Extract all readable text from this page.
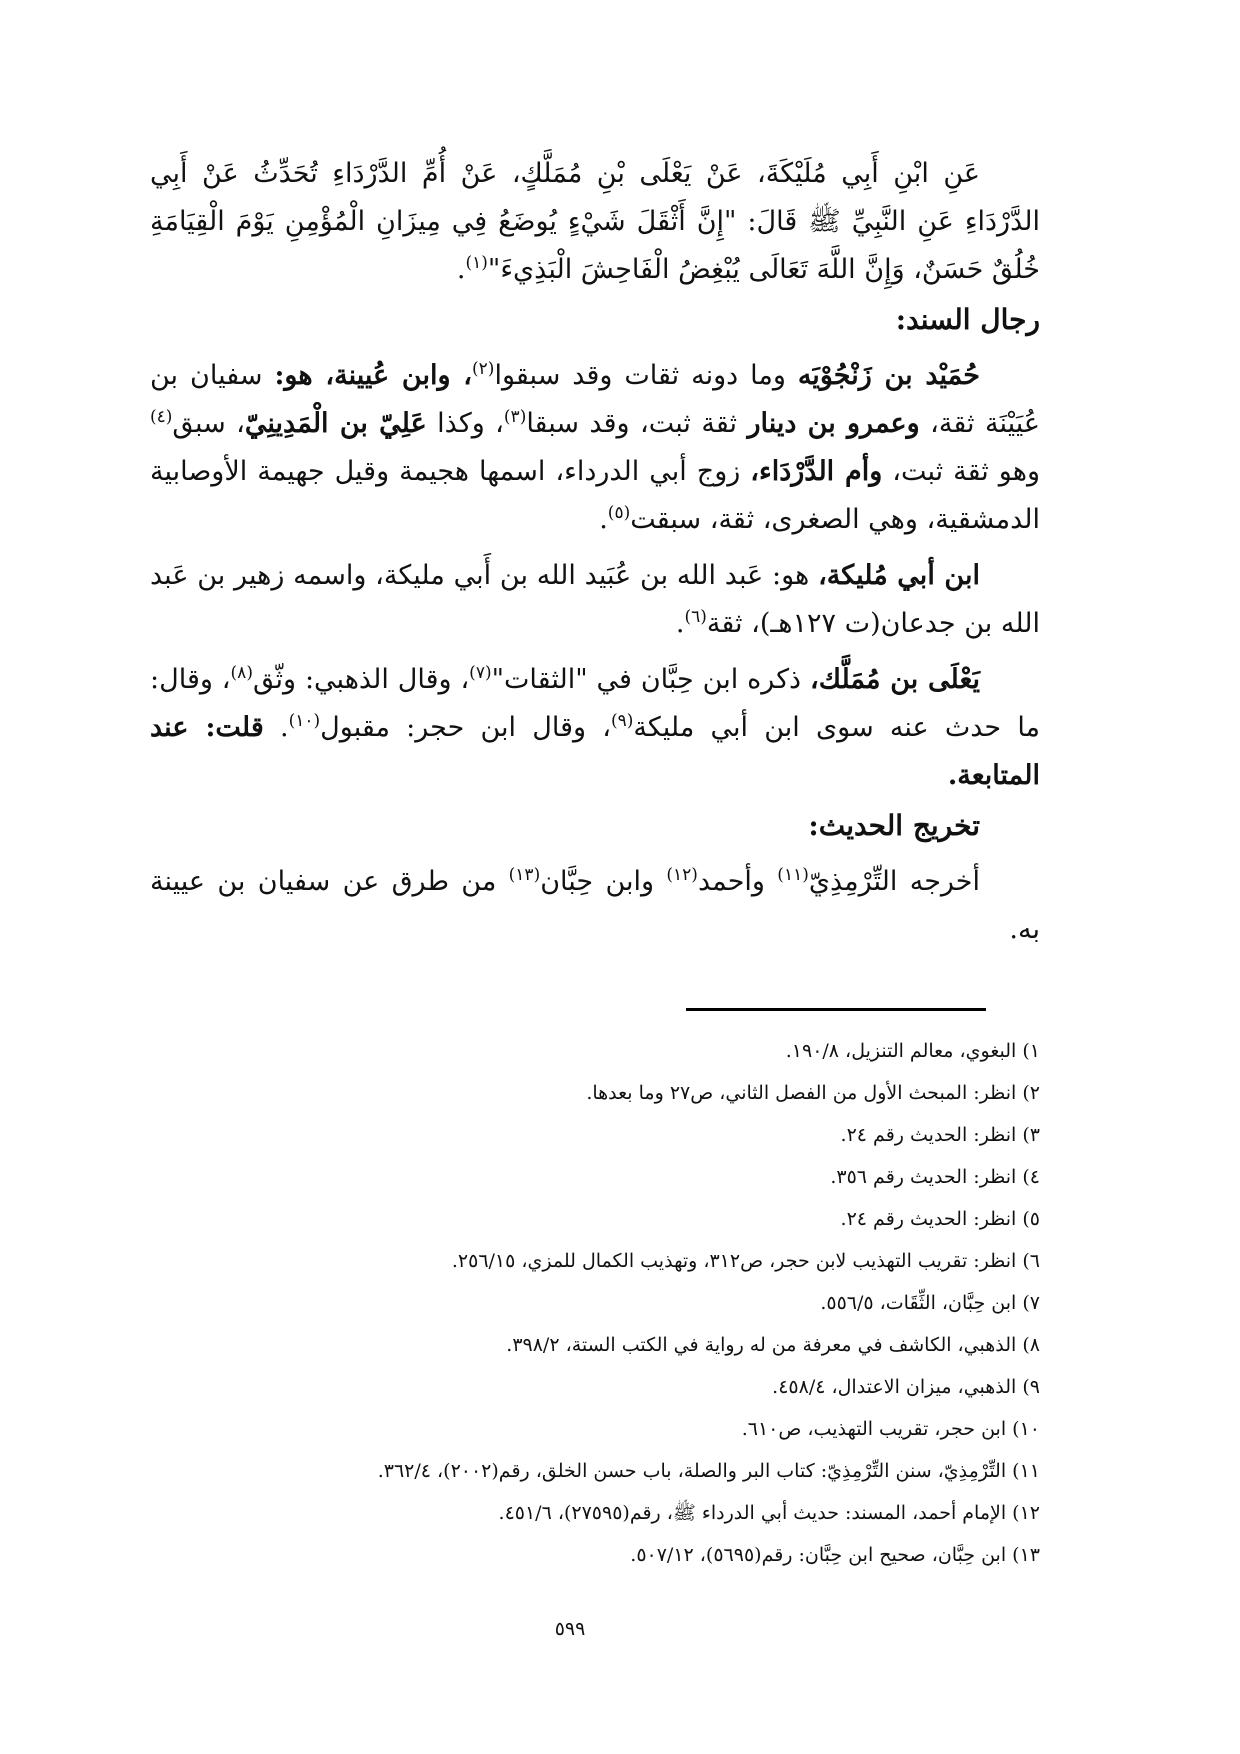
عَنِ ابْنِ أَبِي مُلَيْكَةَ، عَنْ يَعْلَى بْنِ مُمَلَّكٍ، عَنْ أُمِّ الدَّرْدَاءِ تُحَدِّثُ عَنْ أَبِي الدَّرْدَاءِ عَنِ النَّبِيِّ ﷺ قَالَ: "إِنَّ أَثْقَلَ شَيْءٍ يُوضَعُ فِي مِيزَانِ الْمُؤْمِنِ يَوْمَ الْقِيَامَةِ خُلُقٌ حَسَنٌ، وَإِنَّ اللَّهَ تَعَالَى يُبْغِضُ الْفَاحِشَ الْبَذِيءَ"$^{(١)}$.

رجال السند:

حُمَيْد بن زَنْجُوْيَه وما دونه ثقات وقد سبقوا$^{(٢)}$، وابن عُيينة، هو: سفيان بن عُيَيْنَة ثقة، وعمرو بن دينار ثقة ثبت، وقد سبقا$^{(٣)}$، وكذا عَلِيّ بن الْمَدِينِيّ، سبق$^{(٤)}$ وهو ثقة ثبت، وأم الدَّرْدَاء، زوج أبي الدرداء، اسمها هجيمة وقيل جهيمة الأوصابية الدمشقية، وهي الصغرى، ثقة، سبقت$^{(٥)}$.

ابن أبي مُليكة، هو: عَبد الله بن عُبَيد الله بن أَبي مليكة، واسمه زهير بن عَبد الله بن جدعان(ت ١٢٧هـ)، ثقة$^{(٦)}$.

يَعْلَى بن مُمَلَّك، ذكره ابن حِبَّان في "الثقات"$^{(٧)}$، وقال الذهبي: وثّق$^{(٨)}$، وقال: ما حدث عنه سوى ابن أبي مليكة$^{(٩)}$، وقال ابن حجر: مقبول$^{(١٠)}$. قلت: عند المتابعة.

تخريج الحديث:

أخرجه التِّرْمِذِيّ$^{(١١)}$ وأحمد$^{(١٢)}$ وابن حِبَّان$^{(١٣)}$ من طرق عن سفيان بن عيينة به.

١) البغوي، معالم التنزيل، ١٩٠/٨.
٢) انظر: المبحث الأول من الفصل الثاني، ص٢٧ وما بعدها.
٣) انظر: الحديث رقم ٢٤.
٤) انظر: الحديث رقم ٣٥٦.
٥) انظر: الحديث رقم ٢٤.
٦) انظر: تقريب التهذيب لابن حجر، ص٣١٢، وتهذيب الكمال للمزي، ٢٥٦/١٥.
٧) ابن حِبَّان، الثِّقَات، ٥٥٦/٥.
٨) الذهبي، الكاشف في معرفة من له رواية في الكتب الستة، ٣٩٨/٢.
٩) الذهبي، ميزان الاعتدال، ٤٥٨/٤.
١٠) ابن حجر، تقريب التهذيب، ص٦١٠.
١١) التِّرْمِذِيّ، سنن التِّرْمِذِيّ: كتاب البر والصلة، باب حسن الخلق، رقم(٢٠٠٢)، ٣٦٢/٤.
١٢) الإمام أحمد، المسند: حديث أبي الدرداء ﷺ، رقم(٢٧٥٩٥)، ٤٥١/٦.
١٣) ابن حِبَّان، صحيح ابن حِبَّان: رقم(٥٦٩٥)، ٥٠٧/١٢.
٥٩٩
